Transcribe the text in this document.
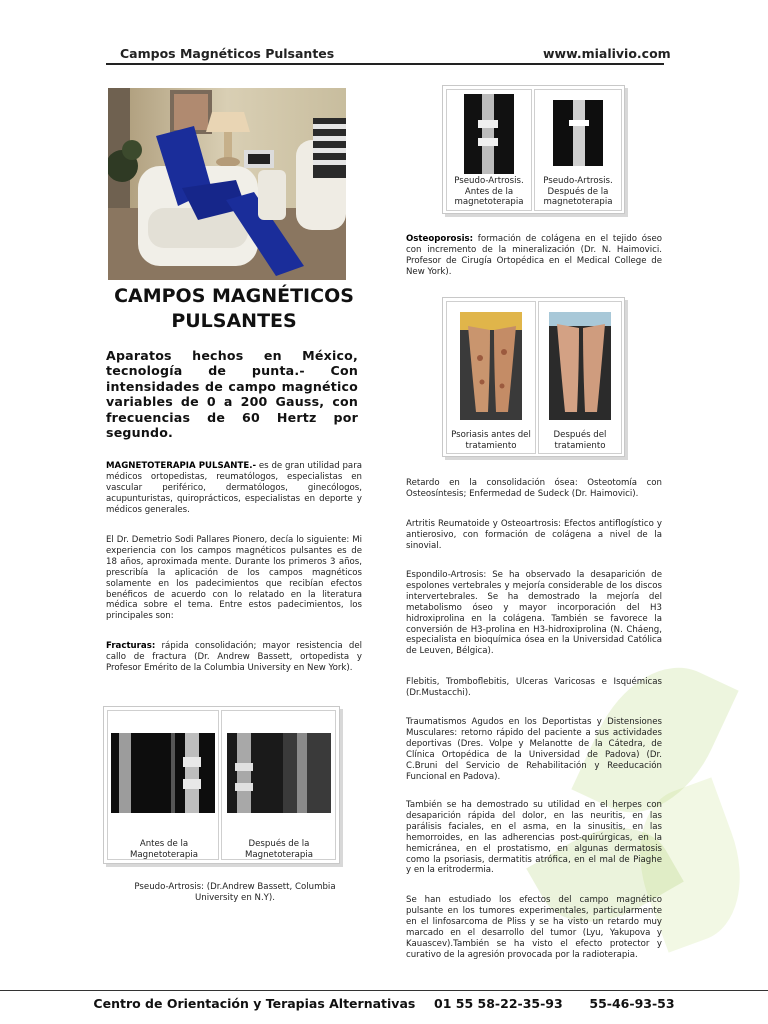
Campos Magnéticos Pulsantes	www.mialivio.com
CAMPOS MAGNÉTICOS PULSANTES
Aparatos hechos en México, tecnología de punta.- Con intensidades de campo magnético variables de 0 a 200 Gauss, con frecuencias de 60 Hertz por segundo.
MAGNETOTERAPIA PULSANTE.- es de gran utilidad para médicos ortopedistas, reumatólogos, especialistas en vascular periférico, dermatólogos, ginecólogos, acupunturistas, quiroprácticos, especialistas en deporte y médicos generales.
El Dr. Demetrio Sodi Pallares Pionero, decía lo siguiente: Mi experiencia con los campos magnéticos pulsantes es de 18 años, aproximada mente. Durante los primeros 3 años, prescribía la aplicación de los campos magnéticos solamente en los padecimientos que recibían efectos benéficos de acuerdo con lo relatado en la literatura médica sobre el tema. Entre estos padecimientos, los principales son:
Fracturas: rápida consolidación; mayor resistencia del callo de fractura (Dr. Andrew Bassett, ortopedista y Profesor Emérito de la Columbia University en New York).
Antes de la Magnetoterapia
Después de la Magnetoterapia
Pseudo-Artrosis: (Dr.Andrew Bassett, Columbia University en N.Y).
Pseudo-Artrosis. Antes de la magnetoterapia
Pseudo-Artrosis. Después de la magnetoterapia
Osteoporosis: formación de colágena en el tejido óseo con incremento de la mineralización (Dr. N. Haimovici. Profesor de Cirugía Ortopédica en el Medical College de New York).
Psoriasis antes del tratamiento
Después del tratamiento
Retardo en la consolidación ósea: Osteotomía con Osteosíntesis; Enfermedad de Sudeck (Dr. Haimovici).
Artritis Reumatoide y Osteoartrosis: Efectos antiflogístico y antierosivo, con formación de colágena a nivel de la sinovial.
Espondilo-Artrosis: Se ha observado la desaparición de espolones vertebrales y mejoría considerable de los discos intervertebrales. Se ha demostrado la mejoría del metabolismo óseo y mayor incorporación del H3 hidroxiprolina en la colágena. También se favorece la conversión de H3-prolina en H3-hidroxiprolina (N. Cháeng, especialista en bioquímica ósea en la Universidad Católica de Leuven, Bélgica).
Flebitis, Tromboflebitis, Ulceras Varicosas e Isquémicas (Dr.Mustacchi).
Traumatismos Agudos en los Deportistas y Distensiones Musculares: retorno rápido del paciente a sus actividades deportivas (Dres. Volpe y Melanotte de la Cátedra, de Clínica Ortopédica de la Universidad de Padova) (Dr. C.Bruni del Servicio de Rehabilitación y Reeducación Funcional en Padova).
También se ha demostrado su utilidad en el herpes con desaparición rápida del dolor, en las neuritis, en las parálisis faciales, en el asma, en la sinusitis, en las hemorroides, en las adherencias post-quirúrgicas, en la hemicránea, en el prostatismo, en algunas dermatosis como la psoriasis, dermatitis atrófica, en el mal de Piaghe y en la eritrodermia.
Se han estudiado los efectos del campo magnético pulsante en los tumores experimentales, particularmente en el linfosarcoma de Pliss y se ha visto un retardo muy marcado en el desarrollo del tumor (Lyu, Yakupova y Kauascev).También se ha visto el efecto protector y curativo de la agresión provocada por la radioterapia.
Centro de Orientación y Terapias Alternativas 01 55 58-22-35-93 55-46-93-53
